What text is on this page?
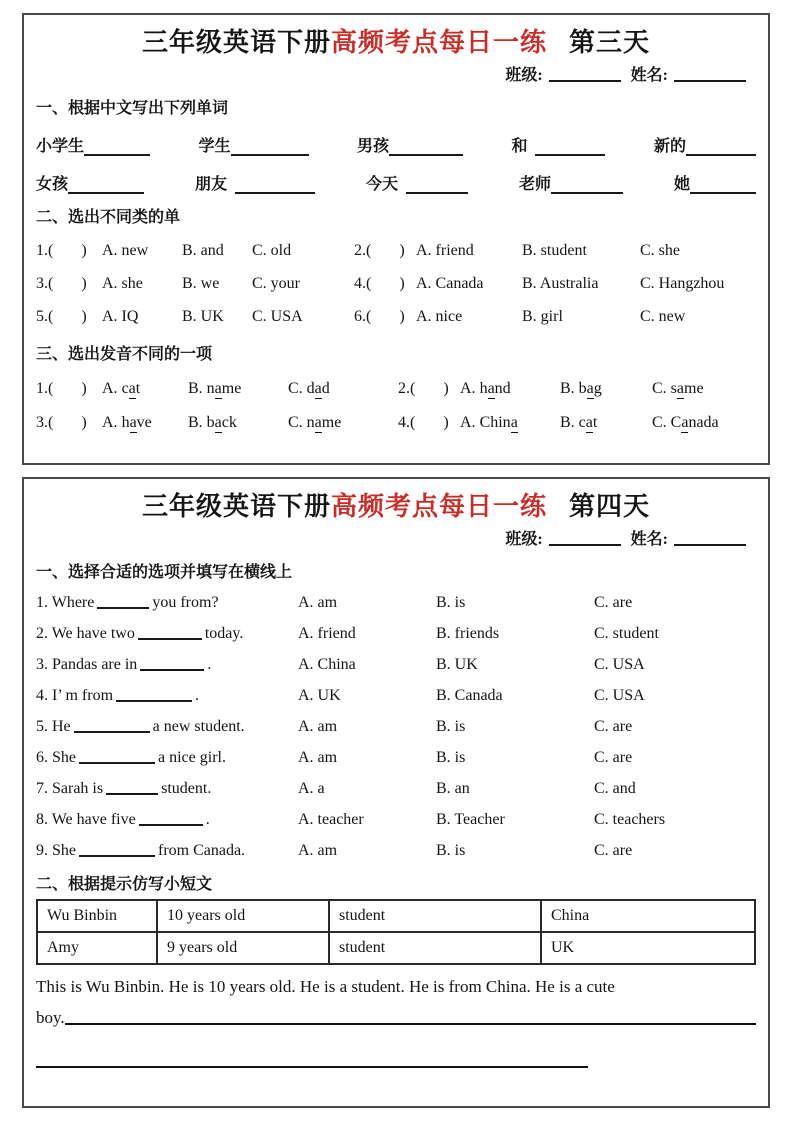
三年级英语下册高频考点每日一练 第三天
班级:	姓名:
一、根据中文写出下列单词
小学生	学生	男孩	和	新的
女孩	朋友	今天	老师	她
二、选出不同类的单
1.(       ) A. new	B. and	C. old	2.(       ) A. friend	B. student	C. she
3.(       ) A. she	B. we	C. your	4.(       ) A. Canada	B. Australia	C. Hangzhou
5.(       ) A. IQ	B. UK	C. USA	6.(       ) A. nice	B. girl	C. new
三、选出发音不同的一项
1.(       ) A. cat	B. name	C. dad	2.(       ) A. hand	B. bag	C. same
3.(       ) A. have	B. back	C. name	4.(       ) A. China	B. cat	C. Canada
三年级英语下册高频考点每日一练 第四天
班级:	姓名:
一、选择合适的选项并填写在横线上
1. Where	you from?	A. am	B. is	C. are
2. We have two	today.	A. friend	B. friends	C. student
3. Pandas are in	.	A. China	B. UK	C. USA
4. I’ m from	.	A. UK	B. Canada	C. USA
5. He	a new student.	A. am	B. is	C. are
6. She	a nice girl.	A. am	B. is	C. are
7. Sarah is	student.	A. a	B. an	C. and
8. We have five	.	A. teacher	B. Teacher	C. teachers
9. She	from Canada.	A. am	B. is	C. are
二、根据提示仿写小短文
Wu Binbin	10 years old	student	China
Amy	9 years old	student	UK
This is Wu Binbin. He is 10 years old. He is a student. He is from China. He is a cute
boy.
